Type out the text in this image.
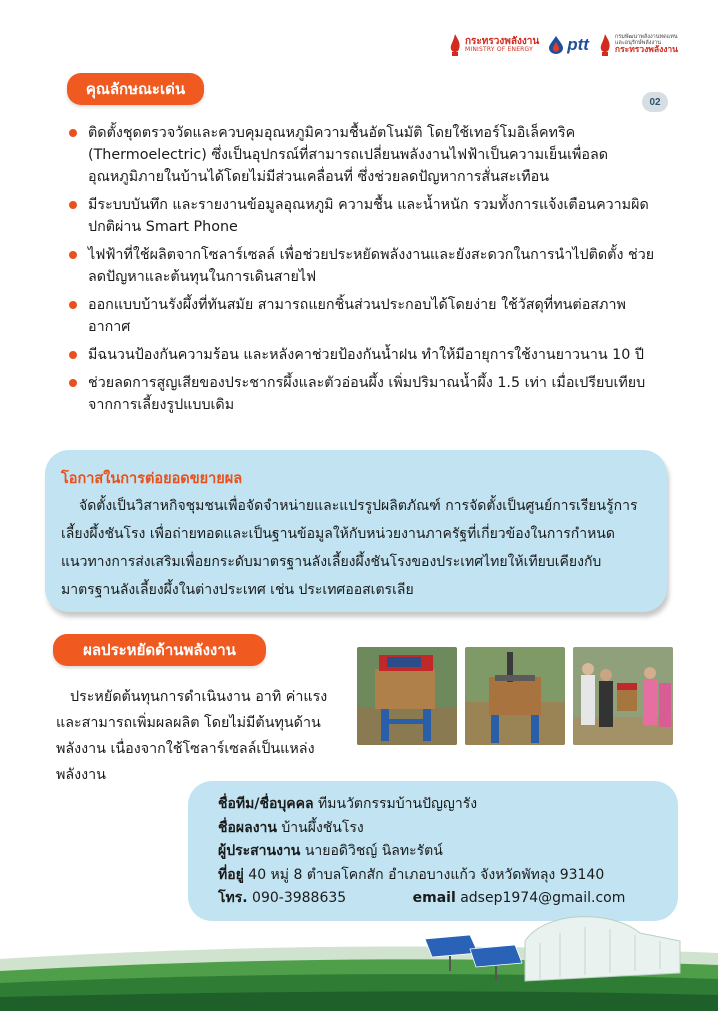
กระทรวงพลังงาน
MINISTRY OF ENERGY	ptt	กรมพัฒนาพลังงานทดแทน
และอนุรักษ์พลังงาน
กระทรวงพลังงาน
02
คุณลักษณะเด่น
ติดตั้งชุดตรวจวัดและควบคุมอุณหภูมิความชื้นอัตโนมัติ โดยใช้เทอร์โมอิเล็คทริค (Thermoelectric) ซึ่งเป็นอุปกรณ์ที่สามารถเปลี่ยนพลังงานไฟฟ้าเป็นความเย็นเพื่อลดอุณหภูมิภายในบ้านได้โดยไม่มีส่วนเคลื่อนที่ ซึ่งช่วยลดปัญหาการสั่นสะเทือน
มีระบบบันทึก และรายงานข้อมูลอุณหภูมิ ความชื้น และน้ำหนัก รวมทั้งการแจ้งเตือนความผิดปกติผ่าน Smart Phone
ไฟฟ้าที่ใช้ผลิตจากโซลาร์เซลล์ เพื่อช่วยประหยัดพลังงานและยังสะดวกในการนำไปติดตั้ง ช่วยลดปัญหาและต้นทุนในการเดินสายไฟ
ออกแบบบ้านรังผึ้งที่ทันสมัย สามารถแยกชิ้นส่วนประกอบได้โดยง่าย ใช้วัสดุที่ทนต่อสภาพอากาศ
มีฉนวนป้องกันความร้อน และหลังคาช่วยป้องกันน้ำฝน ทำให้มีอายุการใช้งานยาวนาน 10 ปี
ช่วยลดการสูญเสียของประชากรผึ้งและตัวอ่อนผึ้ง เพิ่มปริมาณน้ำผึ้ง 1.5 เท่า เมื่อเปรียบเทียบจากการเลี้ยงรูปแบบเดิม
โอกาสในการต่อยอดขยายผล
จัดตั้งเป็นวิสาหกิจชุมชนเพื่อจัดจำหน่ายและแปรรูปผลิตภัณฑ์ การจัดตั้งเป็นศูนย์การเรียนรู้การเลี้ยงผึ้งชันโรง เพื่อถ่ายทอดและเป็นฐานข้อมูลให้กับหน่วยงานภาครัฐที่เกี่ยวข้องในการกำหนดแนวทางการส่งเสริมเพื่อยกระดับมาตรฐานลังเลี้ยงผึ้งชันโรงของประเทศไทยให้เทียบเคียงกับมาตรฐานลังเลี้ยงผึ้งในต่างประเทศ เช่น ประเทศออสเตรเลีย
ผลประหยัดด้านพลังงาน
ประหยัดต้นทุนการดำเนินงาน อาทิ ค่าแรง และสามารถเพิ่มผลผลิต โดยไม่มีต้นทุนด้านพลังงาน เนื่องจากใช้โซลาร์เซลล์เป็นแหล่งพลังงาน
ชื่อทีม/ชื่อบุคคล ทีมนวัตกรรมบ้านปัญญารัง
ชื่อผลงาน บ้านผึ้งชันโรง
ผู้ประสานงาน นายอดิวิชญ์ นิลทะรัตน์
ที่อยู่ 40 หมู่ 8 ตำบลโคกสัก อำเภอบางแก้ว จังหวัดพัทลุง 93140
โทร. 090-3988635	email adsep1974@gmail.com
